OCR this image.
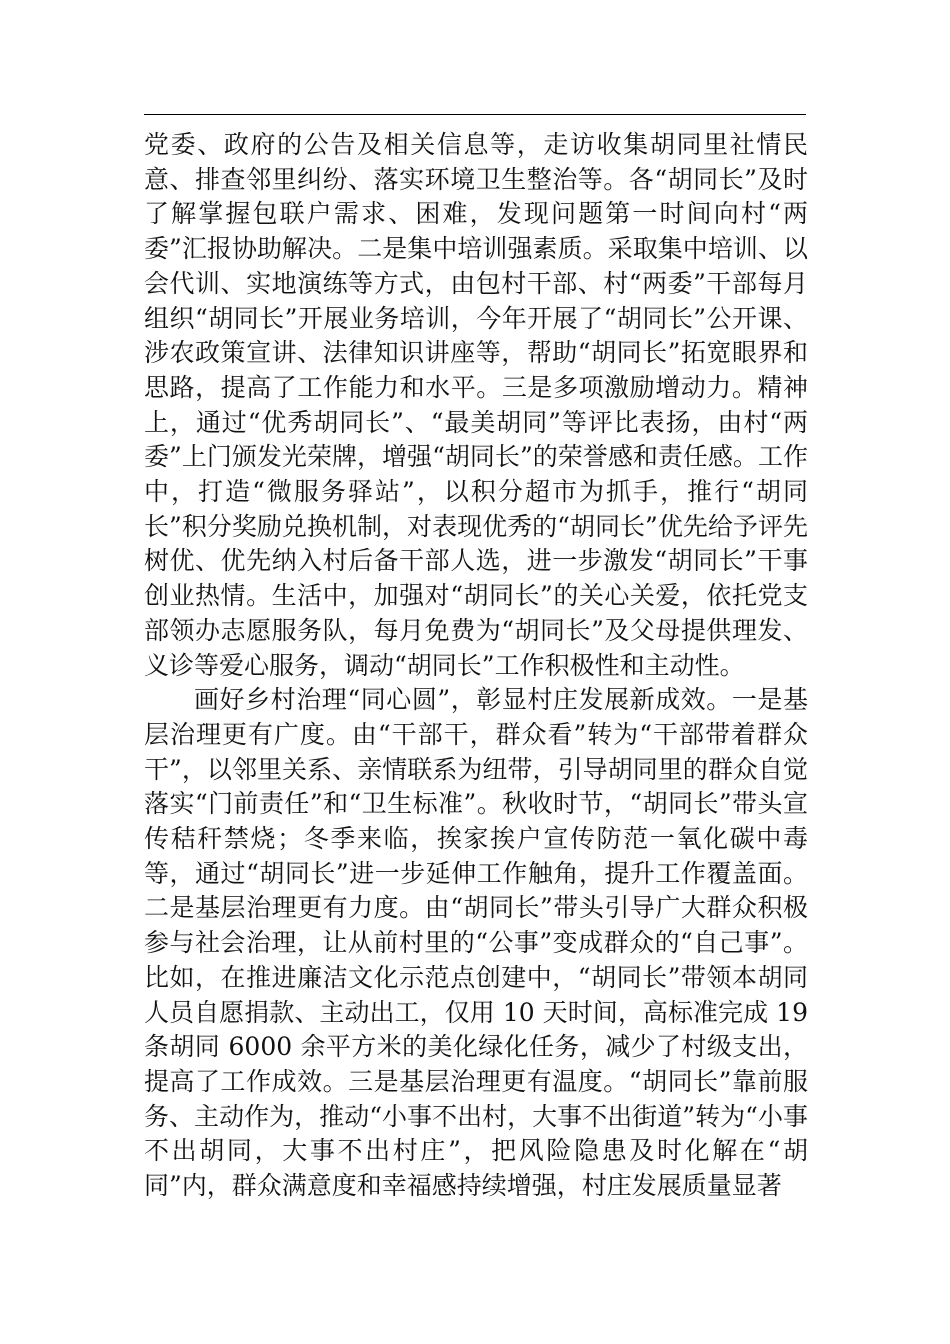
党委、政府的公告及相关信息等，走访收集胡同里社情民意、排查邻里纠纷、落实环境卫生整治等。各“胡同长”及时了解掌握包联户需求、困难，发现问题第一时间向村“两委”汇报协助解决。二是集中培训强素质。采取集中培训、以会代训、实地演练等方式，由包村干部、村“两委”干部每月组织“胡同长”开展业务培训，今年开展了“胡同长”公开课、涉农政策宣讲、法律知识讲座等，帮助“胡同长”拓宽眼界和思路，提高了工作能力和水平。三是多项激励增动力。精神上，通过“优秀胡同长”、“最美胡同”等评比表扬，由村“两委”上门颁发光荣牌，增强“胡同长”的荣誉感和责任感。工作中，打造“微服务驿站”，以积分超市为抓手，推行“胡同长”积分奖励兑换机制，对表现优秀的“胡同长”优先给予评先树优、优先纳入村后备干部人选，进一步激发“胡同长”干事创业热情。生活中，加强对“胡同长”的关心关爱，依托党支部领办志愿服务队，每月免费为“胡同长”及父母提供理发、义诊等爱心服务，调动“胡同长”工作积极性和主动性。

画好乡村治理“同心圆”，彰显村庄发展新成效。一是基层治理更有广度。由“干部干，群众看”转为“干部带着群众干”，以邻里关系、亲情联系为纽带，引导胡同里的群众自觉落实“门前责任”和“卫生标准”。秋收时节，“胡同长”带头宣传秸秆禁烧；冬季来临，挨家挨户宣传防范一氧化碳中毒等，通过“胡同长”进一步延伸工作触角，提升工作覆盖面。二是基层治理更有力度。由“胡同长”带头引导广大群众积极参与社会治理，让从前村里的“公事”变成群众的“自己事”。比如，在推进廉洁文化示范点创建中，“胡同长”带领本胡同人员自愿捐款、主动出工，仅用 10 天时间，高标准完成 19 条胡同 6000 余平方米的美化绿化任务，减少了村级支出，提高了工作成效。三是基层治理更有温度。“胡同长”靠前服务、主动作为，推动“小事不出村，大事不出街道”转为“小事不出胡同，大事不出村庄”，把风险隐患及时化解在“胡同”内，群众满意度和幸福感持续增强，村庄发展质量显著
